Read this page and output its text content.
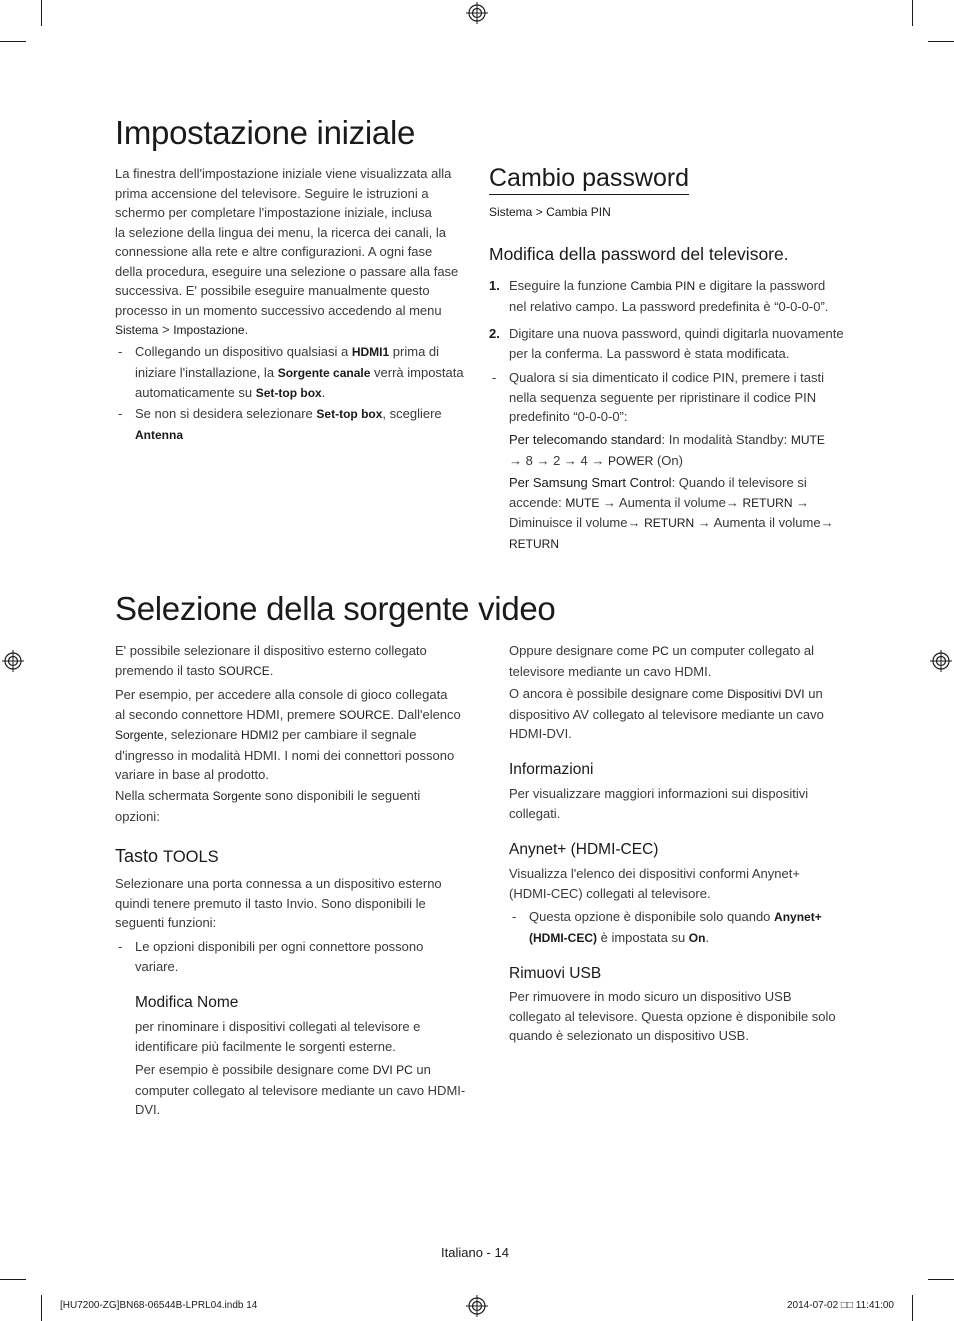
Impostazione iniziale
La finestra dell'impostazione iniziale viene visualizzata alla
prima accensione del televisore. Seguire le istruzioni a
schermo per completare l'impostazione iniziale, inclusa
la selezione della lingua dei menu, la ricerca dei canali, la
connessione alla rete e altre configurazioni. A ogni fase
della procedura, eseguire una selezione o passare alla fase
successiva. E' possibile eseguire manualmente questo
processo in un momento successivo accedendo al menu
Sistema > Impostazione.
- Collegando un dispositivo qualsiasi a HDMI1 prima di
iniziare l'installazione, la Sorgente canale verrà impostata
automaticamente su Set-top box.
- Se non si desidera selezionare Set-top box, scegliere
Antenna
Cambio password
Sistema > Cambia PIN
Modifica della password del televisore.
1. Eseguire la funzione Cambia PIN e digitare la password
nel relativo campo. La password predefinita è “0-0-0-0”.
2. Digitare una nuova password, quindi digitarla nuovamente
per la conferma. La password è stata modificata.
- Qualora si sia dimenticato il codice PIN, premere i tasti
nella sequenza seguente per ripristinare il codice PIN
predefinito “0-0-0-0”:
Per telecomando standard: In modalità Standby: MUTE
→ 8 → 2 → 4 → POWER (On)
Per Samsung Smart Control: Quando il televisore si
accende: MUTE → Aumenta il volume→ RETURN →
Diminuisce il volume→ RETURN → Aumenta il volume→
RETURN
Selezione della sorgente video
E' possibile selezionare il dispositivo esterno collegato
premendo il tasto SOURCE.
Per esempio, per accedere alla console di gioco collegata
al secondo connettore HDMI, premere SOURCE. Dall'elenco
Sorgente, selezionare HDMI2 per cambiare il segnale
d'ingresso in modalità HDMI. I nomi dei connettori possono
variare in base al prodotto.
Nella schermata Sorgente sono disponibili le seguenti
opzioni:
Tasto TOOLS
Selezionare una porta connessa a un dispositivo esterno
quindi tenere premuto il tasto Invio. Sono disponibili le
seguenti funzioni:
- Le opzioni disponibili per ogni connettore possono
variare.
Modifica Nome
per rinominare i dispositivi collegati al televisore e
identificare più facilmente le sorgenti esterne.
Per esempio è possibile designare come DVI PC un
computer collegato al televisore mediante un cavo HDMI-
DVI.
Oppure designare come PC un computer collegato al
televisore mediante un cavo HDMI.
O ancora è possibile designare come Dispositivi DVI un
dispositivo AV collegato al televisore mediante un cavo
HDMI-DVI.
Informazioni
Per visualizzare maggiori informazioni sui dispositivi
collegati.
Anynet+ (HDMI-CEC)
Visualizza l'elenco dei dispositivi conformi Anynet+
(HDMI-CEC) collegati al televisore.
- Questa opzione è disponibile solo quando Anynet+
(HDMI-CEC) è impostata su On.
Rimuovi USB
Per rimuovere in modo sicuro un dispositivo USB
collegato al televisore. Questa opzione è disponibile solo
quando è selezionato un dispositivo USB.
Italiano - 14
[HU7200-ZG]BN68-06544B-LPRL04.indb 14	2014-07-02 □□ 11:41:00
